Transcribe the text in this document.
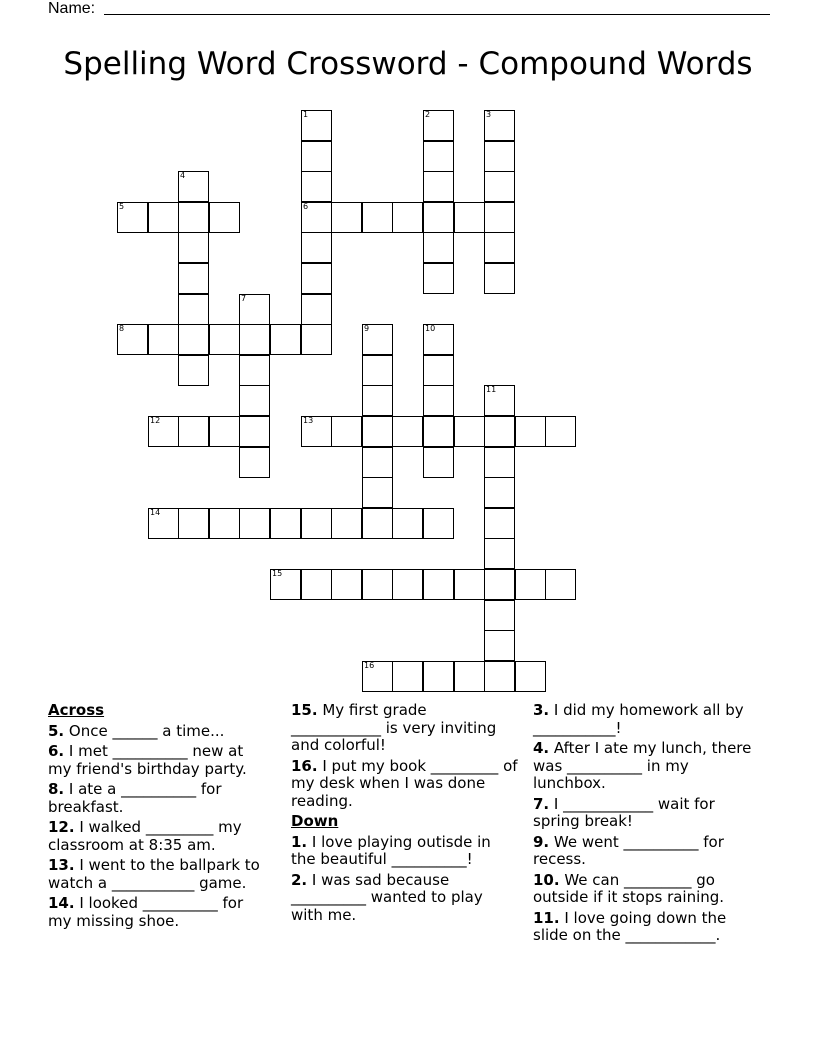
Name:
Spelling Word Crossword - Compound Words
1
6
2	3
4
5
7
8	9	10
11
12	13
14
15
16
Across
5. Once ______ a time...
6. I met __________ new at my friend's birthday party.
8. I ate a __________ for breakfast.
12. I walked _________ my classroom at 8:35 am.
13. I went to the ballpark to watch a ___________ game.
14. I looked __________ for my missing shoe.
15. My first grade ____________ is very inviting and colorful!
16. I put my book _________ of my desk when I was done reading.
Down
1. I love playing outisde in the beautiful __________!
2. I was sad because __________ wanted to play with me.
3. I did my homework all by ___________!
4. After I ate my lunch, there was __________ in my lunchbox.
7. I ____________ wait for spring break!
9. We went __________ for recess.
10. We can _________ go outside if it stops raining.
11. I love going down the slide on the ____________.
